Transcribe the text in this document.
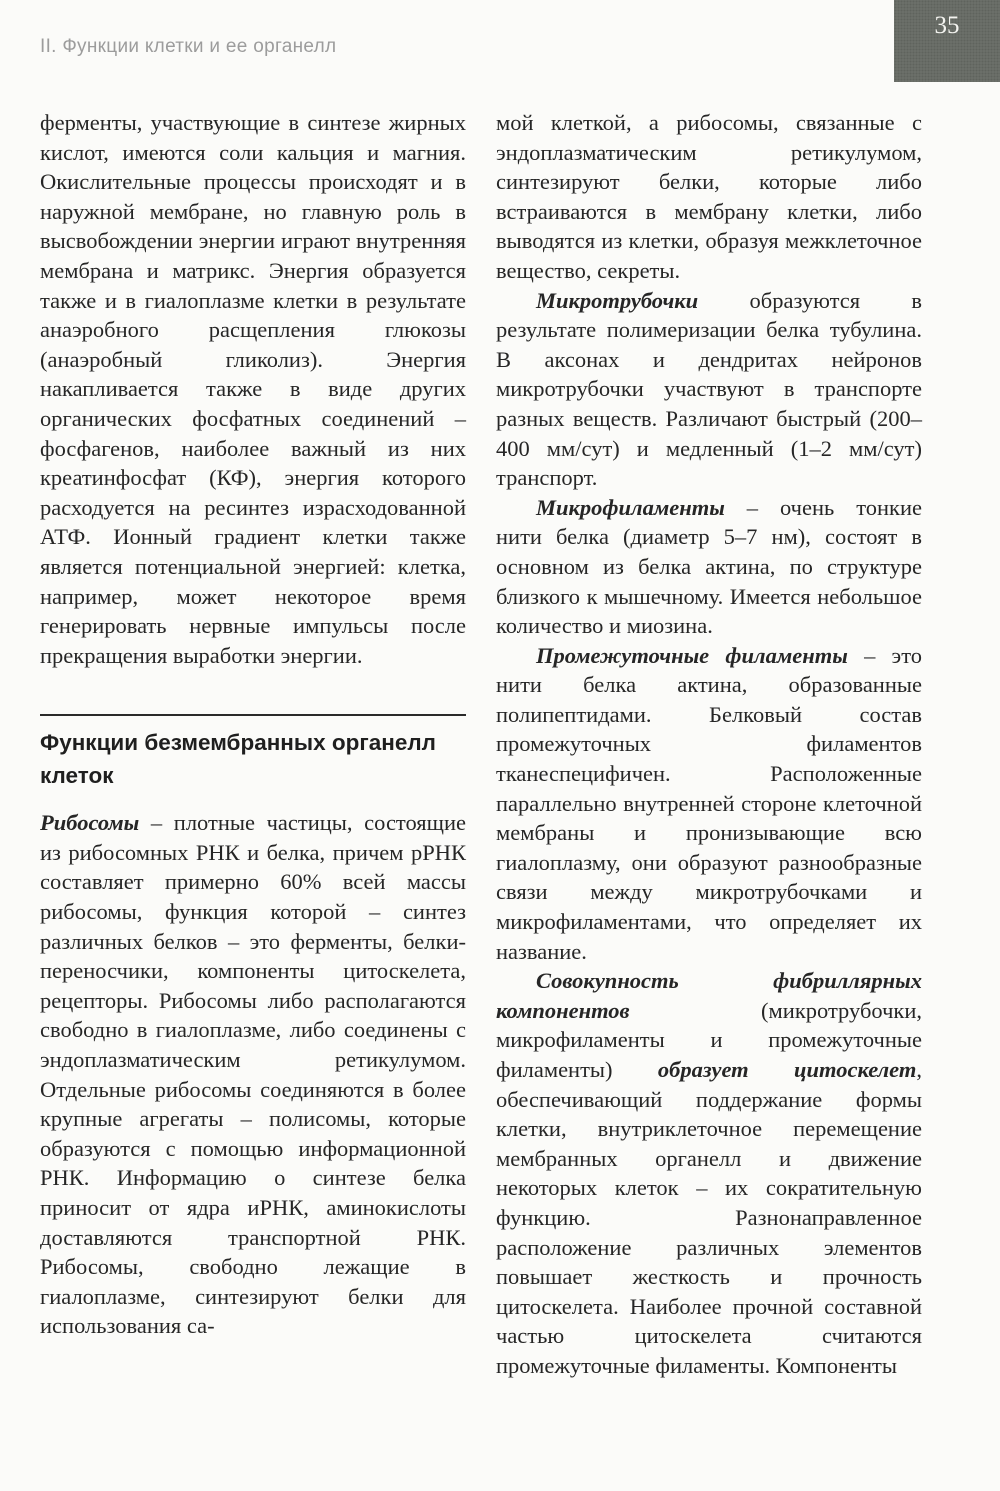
II. Функции клетки и ее органелл
35

ферменты, участвующие в синтезе жирных кислот, имеются соли кальция и магния. Окислительные процессы происходят и в наружной мембране, но главную роль в высвобождении энергии играют внутренняя мембрана и матрикс. Энергия образуется также и в гиалоплазме клетки в результате анаэробного расщепления глюкозы (анаэробный гликолиз). Энергия накапливается также в виде других органических фосфатных соединений – фосфагенов, наиболее важный из них креатинфосфат (КФ), энергия которого расходуется на ресинтез израсходованной АТФ. Ионный градиент клетки также является потенциальной энергией: клетка, например, может некоторое время генерировать нервные импульсы после прекращения выработки энергии.

Функции безмембранных органелл клеток

Рибосомы – плотные частицы, состоящие из рибосомных РНК и белка, причем рРНК составляет примерно 60% всей массы рибосомы, функция которой – синтез различных белков – это ферменты, белки-переносчики, компоненты цитоскелета, рецепторы. Рибосомы либо располагаются свободно в гиалоплазме, либо соединены с эндоплазматическим ретикулумом. Отдельные рибосомы соединяются в более крупные агрегаты – полисомы, которые образуются с помощью информационной РНК. Информацию о синтезе белка приносит от ядра иРНК, аминокислоты доставляются транспортной РНК. Рибосомы, свободно лежащие в гиалоплазме, синтезируют белки для использования са-

мой клеткой, а рибосомы, связанные с эндоплазматическим ретикулумом, синтезируют белки, которые либо встраиваются в мембрану клетки, либо выводятся из клетки, образуя межклеточное вещество, секреты.

Микротрубочки образуются в результате полимеризации белка тубулина. В аксонах и дендритах нейронов микротрубочки участвуют в транспорте разных веществ. Различают быстрый (200–400 мм/сут) и медленный (1–2 мм/сут) транспорт.

Микрофиламенты – очень тонкие нити белка (диаметр 5–7 нм), состоят в основном из белка актина, по структуре близкого к мышечному. Имеется небольшое количество и миозина.

Промежуточные филаменты – это нити белка актина, образованные полипептидами. Белковый состав промежуточных филаментов тканеспецифичен. Расположенные параллельно внутренней стороне клеточной мембраны и пронизывающие всю гиалоплазму, они образуют разнообразные связи между микротрубочками и микрофиламентами, что определяет их название.

Совокупность фибриллярных компонентов (микротрубочки, микрофиламенты и промежуточные филаменты) образует цитоскелет, обеспечивающий поддержание формы клетки, внутриклеточное перемещение мембранных органелл и движение некоторых клеток – их сократительную функцию. Разнонаправленное расположение различных элементов повышает жесткость и прочность цитоскелета. Наиболее прочной составной частью цитоскелета считаются промежуточные филаменты. Компоненты
